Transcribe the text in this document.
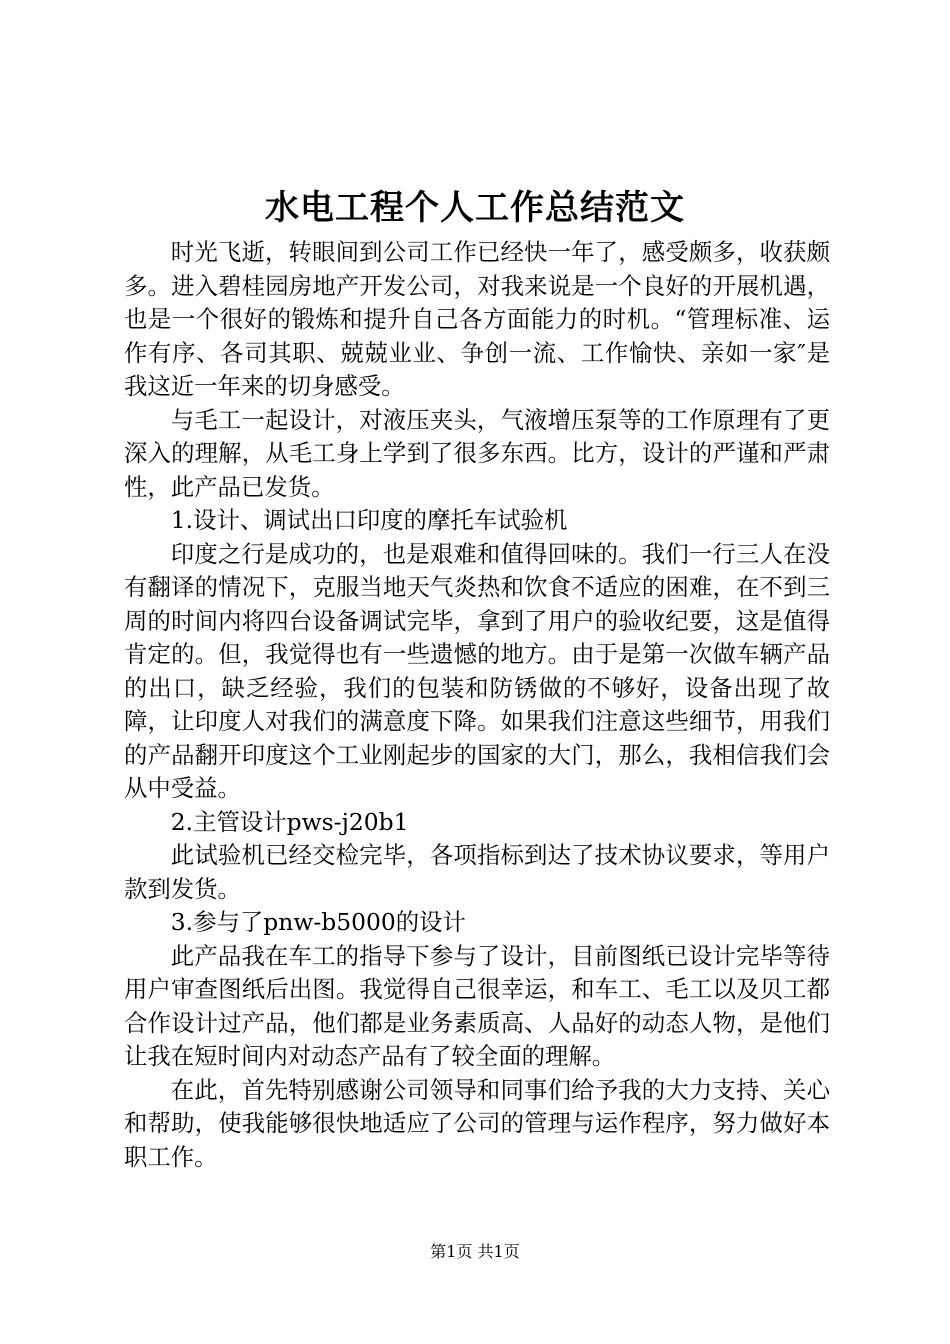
水电工程个人工作总结范文

时光飞逝，转眼间到公司工作已经快一年了，感受颇多，收获颇多。进入碧桂园房地产开发公司，对我来说是一个良好的开展机遇，也是一个很好的锻炼和提升自己各方面能力的时机。“管理标准、运作有序、各司其职、兢兢业业、争创一流、工作愉快、亲如一家″是我这近一年来的切身感受。

与毛工一起设计，对液压夹头，气液增压泵等的工作原理有了更深入的理解，从毛工身上学到了很多东西。比方，设计的严谨和严肃性，此产品已发货。

1.设计、调试出口印度的摩托车试验机

印度之行是成功的，也是艰难和值得回味的。我们一行三人在没有翻译的情况下，克服当地天气炎热和饮食不适应的困难，在不到三周的时间内将四台设备调试完毕，拿到了用户的验收纪要，这是值得肯定的。但，我觉得也有一些遗憾的地方。由于是第一次做车辆产品的出口，缺乏经验，我们的包装和防锈做的不够好，设备出现了故障，让印度人对我们的满意度下降。如果我们注意这些细节，用我们的产品翻开印度这个工业刚起步的国家的大门，那么，我相信我们会从中受益。

2.主管设计pws-j20b1

此试验机已经交检完毕，各项指标到达了技术协议要求，等用户款到发货。

3.参与了pnw-b5000的设计

此产品我在车工的指导下参与了设计，目前图纸已设计完毕等待用户审查图纸后出图。我觉得自己很幸运，和车工、毛工以及贝工都合作设计过产品，他们都是业务素质高、人品好的动态人物，是他们让我在短时间内对动态产品有了较全面的理解。

在此，首先特别感谢公司领导和同事们给予我的大力支持、关心和帮助，使我能够很快地适应了公司的管理与运作程序，努力做好本职工作。

第1页 共1页
